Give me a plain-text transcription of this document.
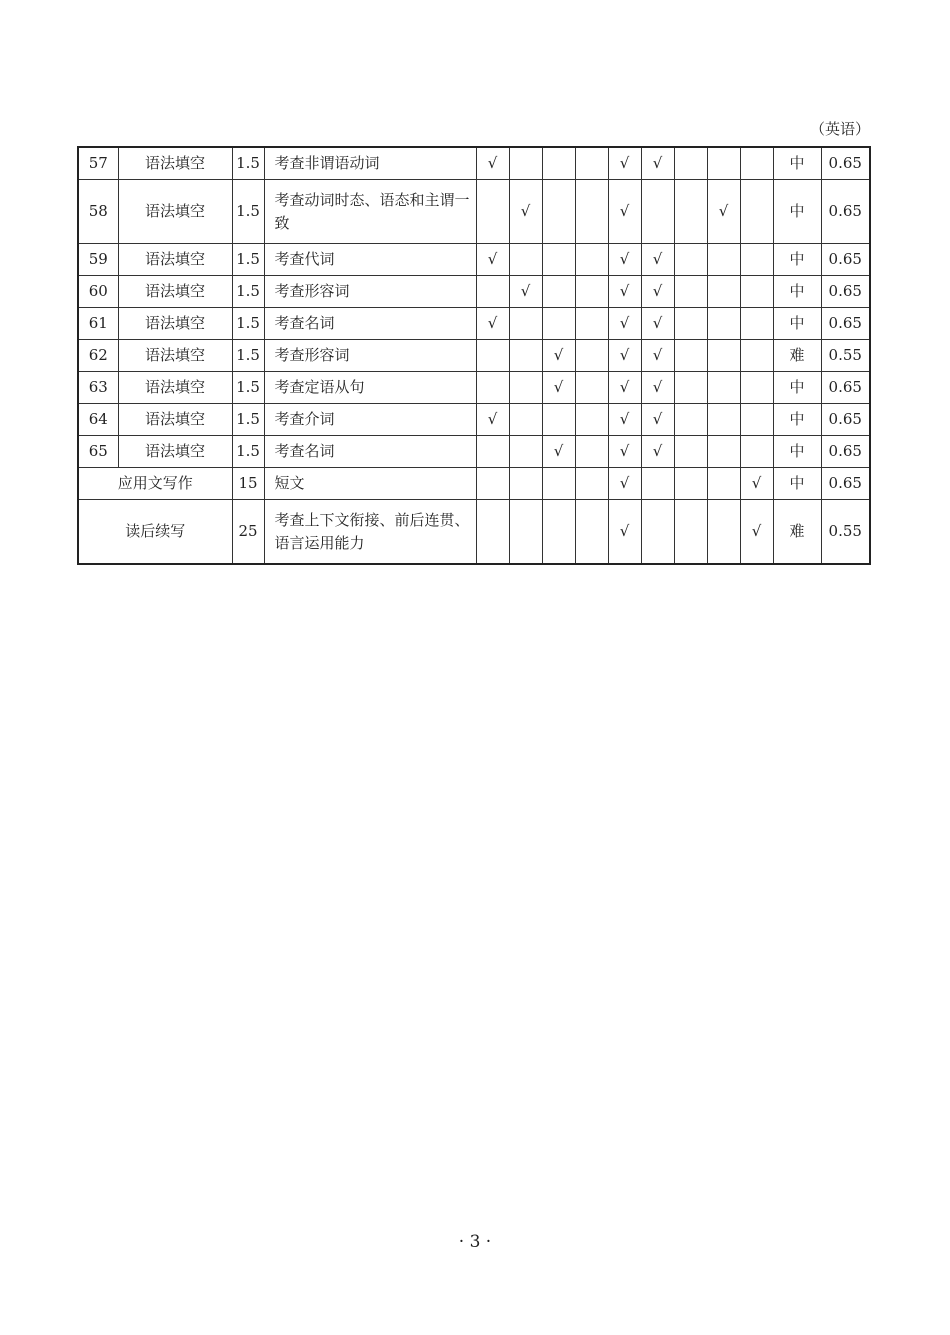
（英语）
57	语法填空	1.5	考查非谓语动词	√				√	√				中	0.65
58	语法填空	1.5	考查动词时态、语态和主谓一致		√			√			√		中	0.65
59	语法填空	1.5	考查代词	√				√	√				中	0.65
60	语法填空	1.5	考查形容词		√			√	√				中	0.65
61	语法填空	1.5	考查名词	√				√	√				中	0.65
62	语法填空	1.5	考查形容词			√		√	√				难	0.55
63	语法填空	1.5	考查定语从句			√		√	√				中	0.65
64	语法填空	1.5	考查介词	√				√	√				中	0.65
65	语法填空	1.5	考查名词			√		√	√				中	0.65
应用文写作		15	短文					√				√	中	0.65
读后续写		25	考查上下文衔接、前后连贯、语言运用能力					√				√	难	0.55
· 3 ·
